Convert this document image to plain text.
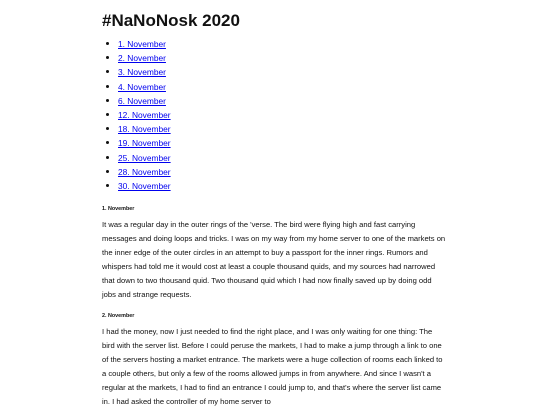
#NaNoNosk 2020
1. November
2. November
3. November
4. November
6. November
12. November
18. November
19. November
25. November
28. November
30. November
1. November

It was a regular day in the outer rings of the 'verse. The bird were flying high and fast carrying messages and doing loops and tricks. I was on my way from my home server to one of the markets on the inner edge of the outer circles in an attempt to buy a passport for the inner rings. Rumors and whispers had told me it would cost at least a couple thousand quids, and my sources had narrowed that down to two thousand quid. Two thousand quid which I had now finally saved up by doing odd jobs and strange requests.

2. November

I had the money, now I just needed to find the right place, and I was only waiting for one thing: The bird with the server list. Before I could peruse the markets, I had to make a jump through a link to one of the servers hosting a market entrance. The markets were a huge collection of rooms each linked to a couple others, but only a few of the rooms allowed jumps in from anywhere. And since I wasn't a regular at the markets, I had to find an entrance I could jump to, and that's where the server list came in. I had asked the controller of my home server to
